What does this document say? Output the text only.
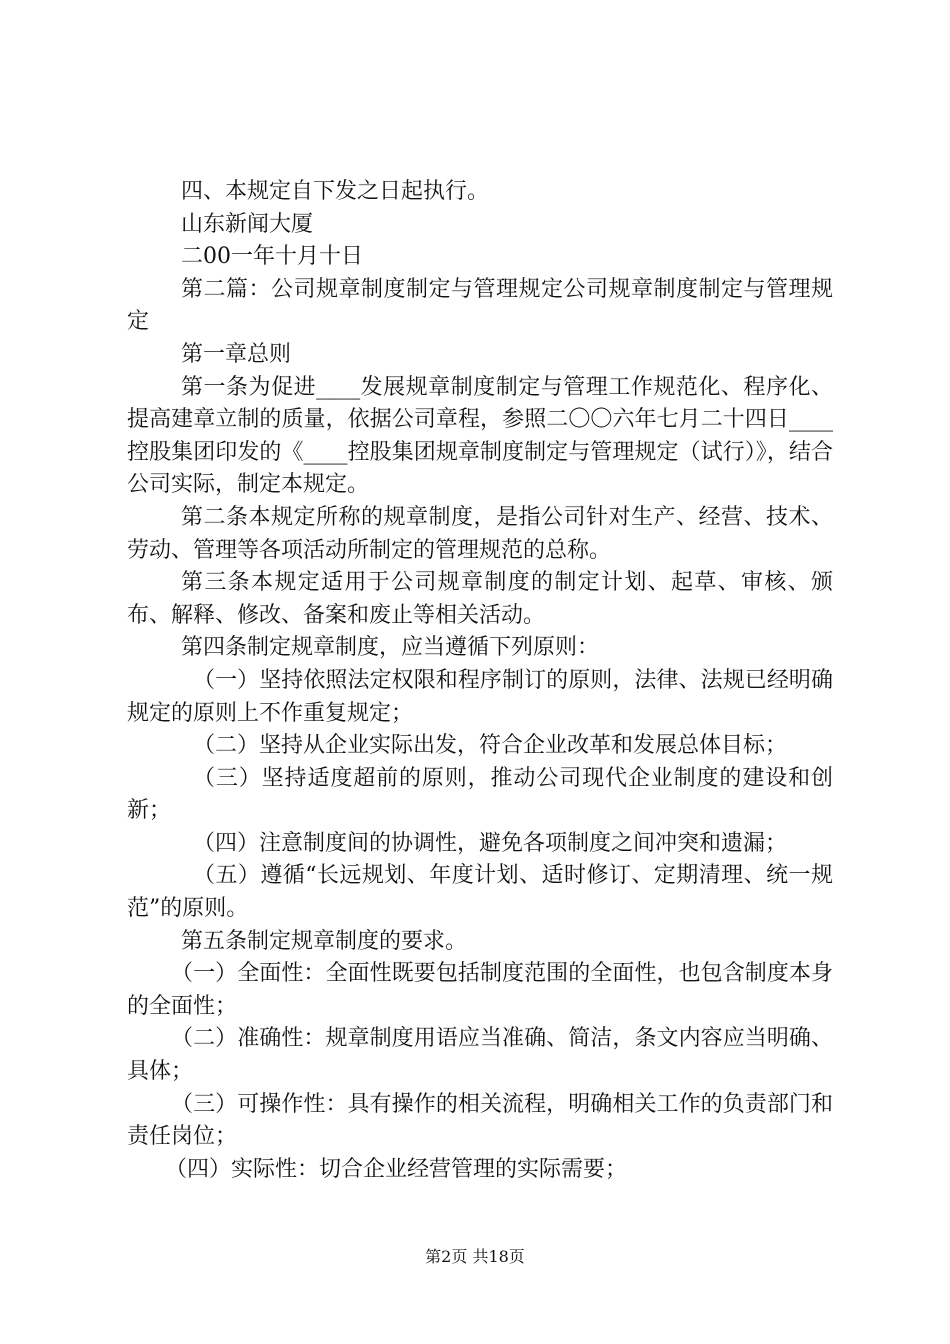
四、本规定自下发之日起执行。

山东新闻大厦

二00一年十月十日

第二篇：公司规章制度制定与管理规定公司规章制度制定与管理规定

第一章总则

第一条为促进____发展规章制度制定与管理工作规范化、程序化、提高建章立制的质量，依据公司章程，参照二〇〇六年七月二十四日____控股集团印发的《____控股集团规章制度制定与管理规定（试行）》，结合公司实际，制定本规定。

第二条本规定所称的规章制度，是指公司针对生产、经营、技术、劳动、管理等各项活动所制定的管理规范的总称。

第三条本规定适用于公司规章制度的制定计划、起草、审核、颁布、解释、修改、备案和废止等相关活动。

第四条制定规章制度，应当遵循下列原则：

（一）坚持依照法定权限和程序制订的原则，法律、法规已经明确规定的原则上不作重复规定；

（二）坚持从企业实际出发，符合企业改革和发展总体目标；

（三）坚持适度超前的原则，推动公司现代企业制度的建设和创新；

（四）注意制度间的协调性，避免各项制度之间冲突和遗漏；

（五）遵循“长远规划、年度计划、适时修订、定期清理、统一规范”的原则。

第五条制定规章制度的要求。

（一）全面性：全面性既要包括制度范围的全面性，也包含制度本身的全面性；

（二）准确性：规章制度用语应当准确、简洁，条文内容应当明确、具体；

（三）可操作性：具有操作的相关流程，明确相关工作的负责部门和责任岗位；

（四）实际性：切合企业经营管理的实际需要；

第2页 共18页
